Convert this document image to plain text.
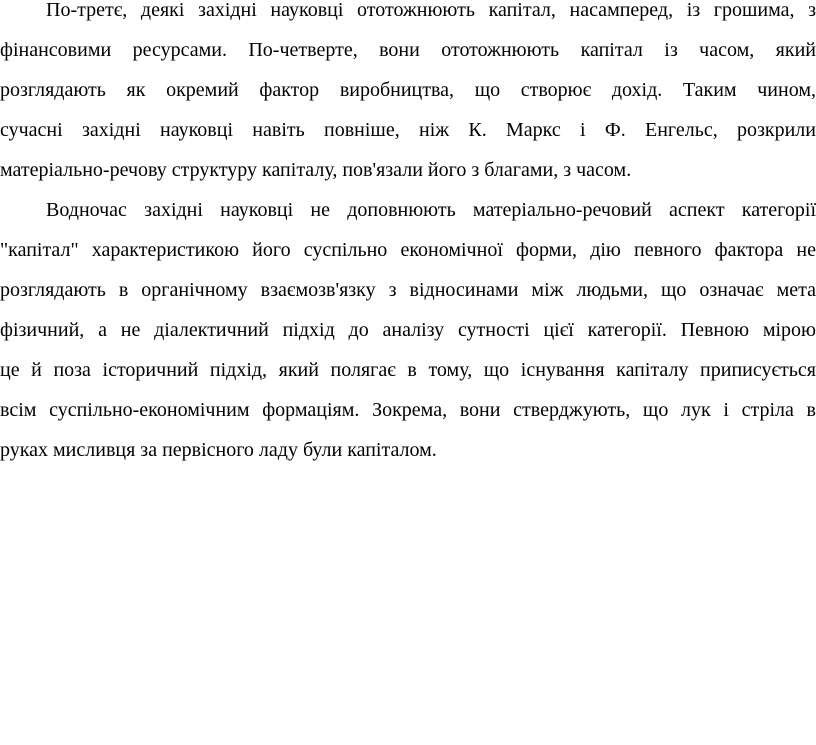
По-третє, деякі західні науковці ототожнюють капітал, насамперед, із грошима, з

фінансовими ресурсами. По-четверте, вони ототожнюють капітал із часом, який

розглядають як окремий фактор виробництва, що створює дохід. Таким чином,

сучасні західні науковці навіть повніше, ніж К. Маркс і Ф. Енгельс, розкрили

матеріально-речову структуру капіталу, пов'язали його з благами, з часом.

Водночас західні науковці не доповнюють матеріально-речовий аспект категорії

"капітал" характеристикою його суспільно економічної форми, дію певного фактора не

розглядають в органічному взаємозв'язку з відносинами між людьми, що означає мета

фізичний, а не діалектичний підхід до аналізу сутності цієї категорії. Певною мірою

це й поза історичний підхід, який полягає в тому, що існування капіталу приписується

всім суспільно-економічним формаціям. Зокрема, вони стверджують, що лук і стріла в

руках мисливця за первісного ладу були капіталом.
